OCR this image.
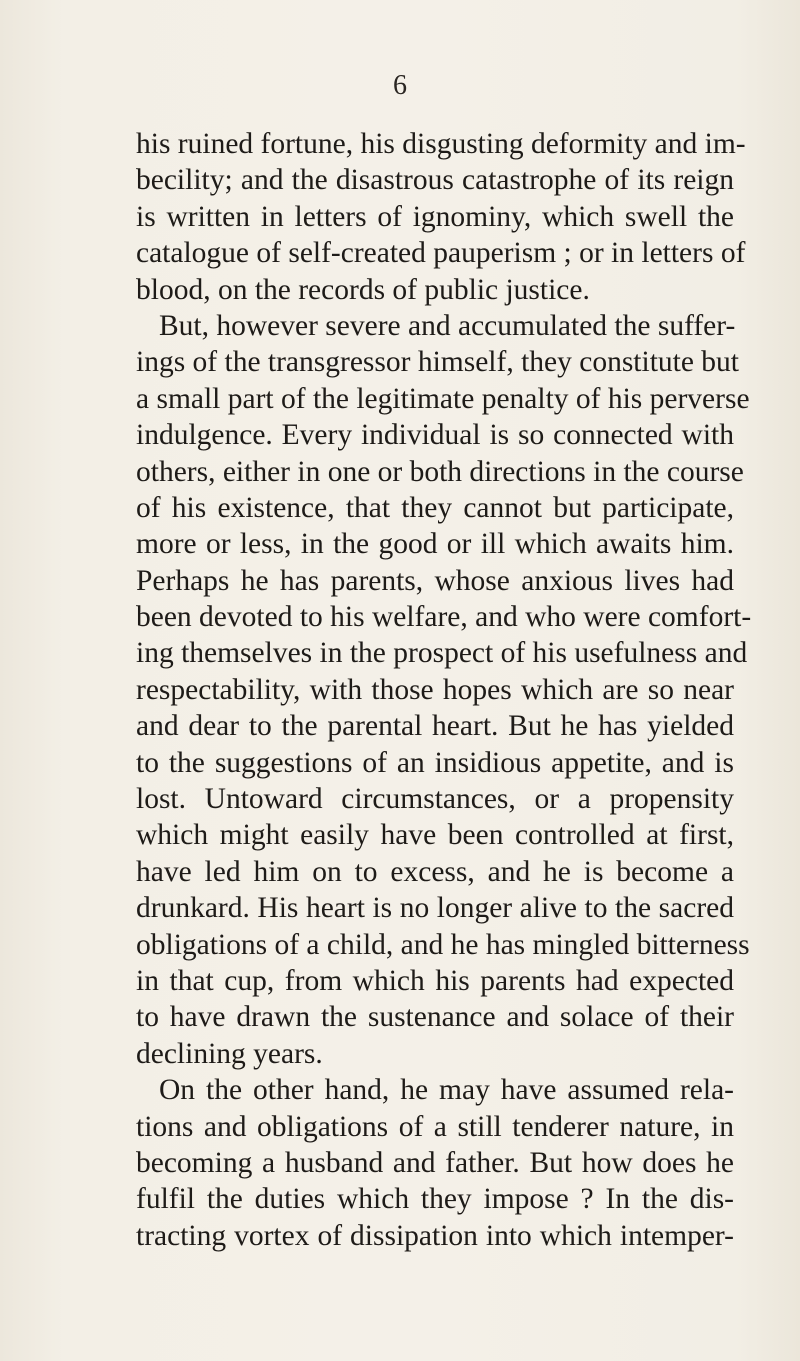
6
his ruined fortune, his disgusting deformity and im-
becility; and the disastrous catastrophe of its reign
is written in letters of ignominy, which swell the
catalogue of self-created pauperism ; or in letters of
blood, on the records of public justice.
But, however severe and accumulated the suffer-
ings of the transgressor himself, they constitute but
a small part of the legitimate penalty of his perverse
indulgence. Every individual is so connected with
others, either in one or both directions in the course
of his existence, that they cannot but participate,
more or less, in the good or ill which awaits him.
Perhaps he has parents, whose anxious lives had
been devoted to his welfare, and who were comfort-
ing themselves in the prospect of his usefulness and
respectability, with those hopes which are so near
and dear to the parental heart. But he has yielded
to the suggestions of an insidious appetite, and is
lost. Untoward circumstances, or a propensity
which might easily have been controlled at first,
have led him on to excess, and he is become a
drunkard. His heart is no longer alive to the sacred
obligations of a child, and he has mingled bitterness
in that cup, from which his parents had expected
to have drawn the sustenance and solace of their
declining years.
On the other hand, he may have assumed rela-
tions and obligations of a still tenderer nature, in
becoming a husband and father. But how does he
fulfil the duties which they impose ? In the dis-
tracting vortex of dissipation into which intemper-
